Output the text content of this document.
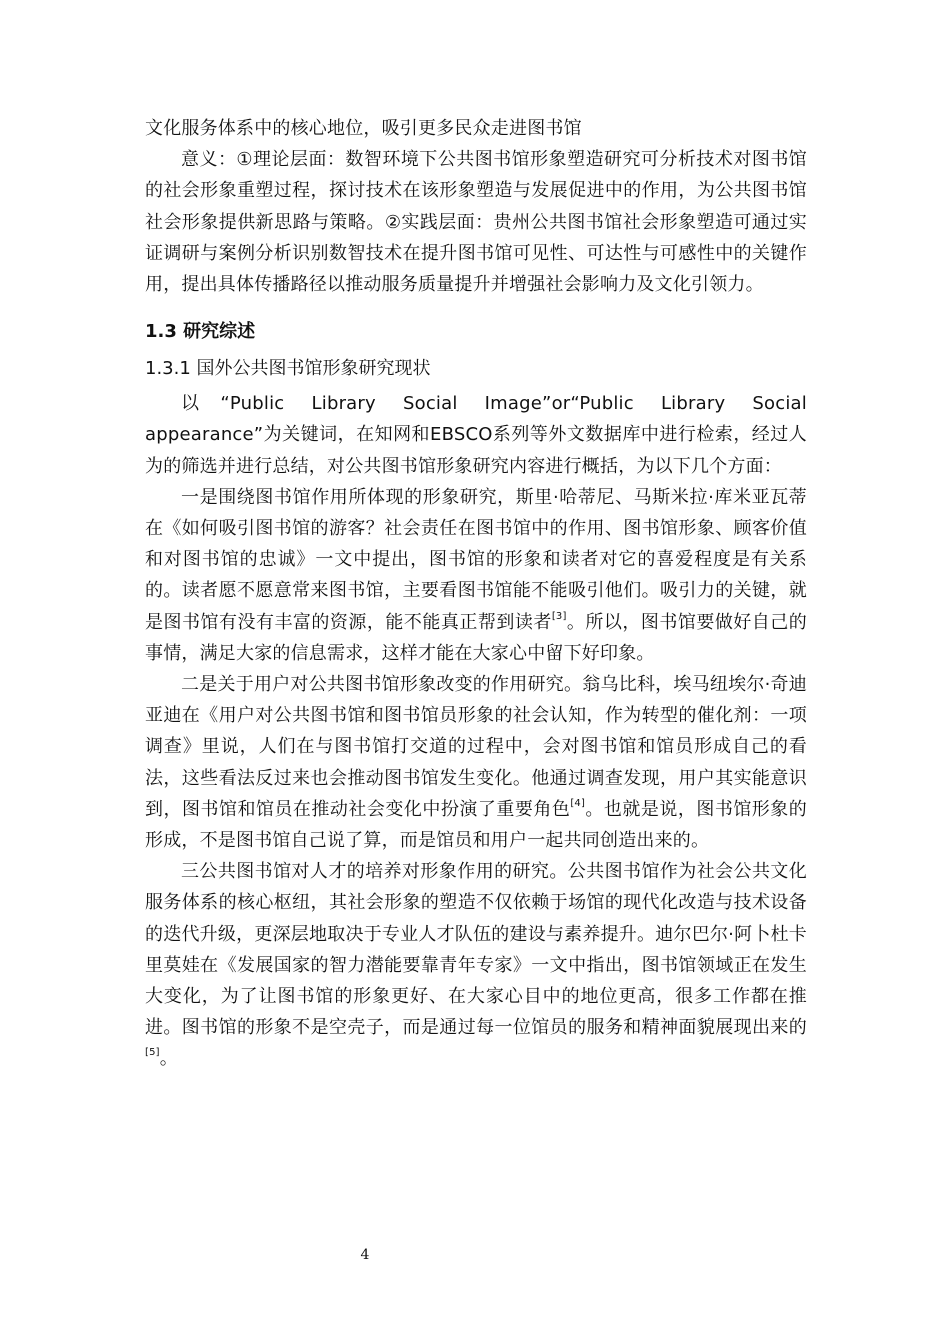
文化服务体系中的核心地位，吸引更多民众走进图书馆

意义：①理论层面：数智环境下公共图书馆形象塑造研究可分析技术对图书馆的社会形象重塑过程，探讨技术在该形象塑造与发展促进中的作用，为公共图书馆社会形象提供新思路与策略。②实践层面：贵州公共图书馆社会形象塑造可通过实证调研与案例分析识别数智技术在提升图书馆可见性、可达性与可感性中的关键作用，提出具体传播路径以推动服务质量提升并增强社会影响力及文化引领力。

1.3 研究综述
1.3.1 国外公共图书馆形象研究现状

以“Public Library Social Image”or“Public Library Social appearance”为关键词，在知网和EBSCO系列等外文数据库中进行检索，经过人为的筛选并进行总结，对公共图书馆形象研究内容进行概括，为以下几个方面：

一是围绕图书馆作用所体现的形象研究，斯里·哈蒂尼、马斯米拉·库米亚瓦蒂在《如何吸引图书馆的游客？社会责任在图书馆中的作用、图书馆形象、顾客价值和对图书馆的忠诚》一文中提出，图书馆的形象和读者对它的喜爱程度是有关系的。读者愿不愿意常来图书馆，主要看图书馆能不能吸引他们。吸引力的关键，就是图书馆有没有丰富的资源，能不能真正帮到读者[3]。所以，图书馆要做好自己的事情，满足大家的信息需求，这样才能在大家心中留下好印象。

二是关于用户对公共图书馆形象改变的作用研究。翁乌比科，埃马纽埃尔·奇迪亚迪在《用户对公共图书馆和图书馆员形象的社会认知，作为转型的催化剂：一项调查》里说，人们在与图书馆打交道的过程中，会对图书馆和馆员形成自己的看法，这些看法反过来也会推动图书馆发生变化。他通过调查发现，用户其实能意识到，图书馆和馆员在推动社会变化中扮演了重要角色[4]。也就是说，图书馆形象的形成，不是图书馆自己说了算，而是馆员和用户一起共同创造出来的。

三公共图书馆对人才的培养对形象作用的研究。公共图书馆作为社会公共文化服务体系的核心枢纽，其社会形象的塑造不仅依赖于场馆的现代化改造与技术设备的迭代升级，更深层地取决于专业人才队伍的建设与素养提升。迪尔巴尔·阿卜杜卡里莫娃在《发展国家的智力潜能要靠青年专家》一文中指出，图书馆领域正在发生大变化，为了让图书馆的形象更好、在大家心目中的地位更高，很多工作都在推进。图书馆的形象不是空壳子，而是通过每一位馆员的服务和精神面貌展现出来的[5]。

4
